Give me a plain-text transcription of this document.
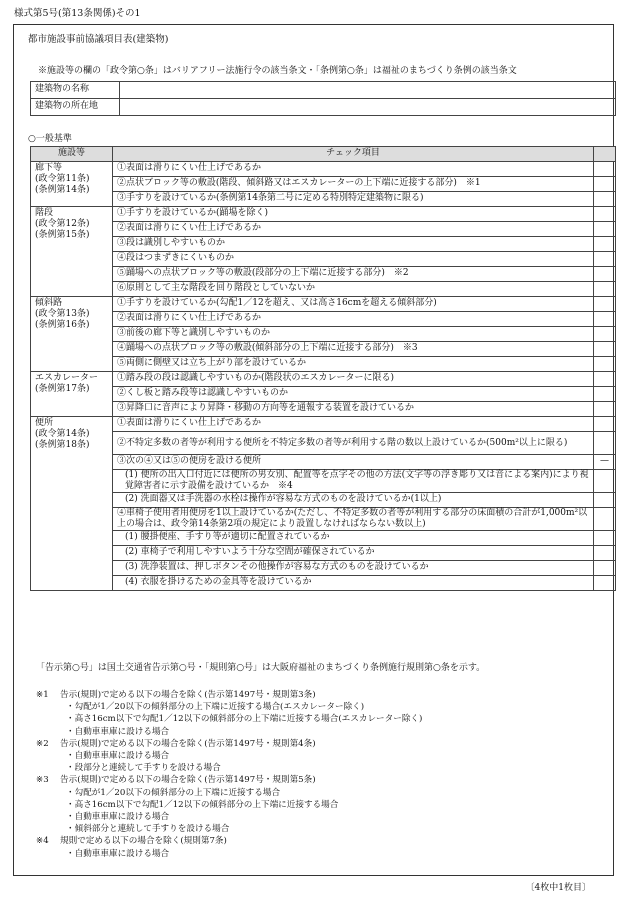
様式第5号(第13条関係)その1
都市施設事前協議項目表(建築物)
※施設等の欄の「政令第○条」はバリアフリー法施行令の該当条文・「条例第○条」は福祉のまちづくり条例の該当条文
建築物の名称	
建築物の所在地	
○一般基準
施設等	チェック項目	

廊下等
(政令第11条)
(条例第14条)	①表面は滑りにくい仕上げであるか	
	②点状ブロック等の敷設(階段、傾斜路又はエスカレーターの上下端に近接する部分)　※1	
	③手すりを設けているか(条例第14条第二号に定める特別特定建築物に限る)	

階段
(政令第12条)
(条例第15条)	①手すりを設けているか(踊場を除く)	
	②表面は滑りにくい仕上げであるか	
	③段は識別しやすいものか	
	④段はつまずきにくいものか	
	⑤踊場への点状ブロック等の敷設(段部分の上下端に近接する部分)　※2	
	⑥原則として主な階段を回り階段としていないか	

傾斜路
(政令第13条)
(条例第16条)	①手すりを設けているか(勾配1／12を超え、又は高さ16cmを超える傾斜部分)	
	②表面は滑りにくい仕上げであるか	
	③前後の廊下等と識別しやすいものか	
	④踊場への点状ブロック等の敷設(傾斜部分の上下端に近接する部分)　※3	
	⑤両側に側壁又は立ち上がり部を設けているか	

エスカレーター
(条例第17条)	①踏み段の段は認識しやすいものか(階段状のエスカレーターに限る)	
	②くし板と踏み段等は認識しやすいものか	
	③昇降口に音声により昇降・移動の方向等を通報する装置を設けているか	

便所
(政令第14条)
(条例第18条)	①表面は滑りにくい仕上げであるか	
	②不特定多数の者等が利用する便所を不特定多数の者等が利用する階の数以上設けているか(500m²以上に限る)	
	③次の④又は⑤の便房を設ける便所	—
	(1) 便所の出入口付近には便所の男女別、配置等を点字その他の方法(文字等の浮き彫り又は音による案内)により視覚障害者に示す設備を設けているか　※4	
	(2) 洗面器又は手洗器の水栓は操作が容易な方式のものを設けているか(1以上)	
	④車椅子使用者用便房を1以上設けているか(ただし、不特定多数の者等が利用する部分の床面積の合計が1,000m²以上の場合は、政令第14条第2項の規定により設置しなければならない数以上)	
	(1) 腰掛便座、手すり等が適切に配置されているか	
	(2) 車椅子で利用しやすいよう十分な空間が確保されているか	
	(3) 洗浄装置は、押しボタンその他操作が容易な方式のものを設けているか	
	(4) 衣服を掛けるための金具等を設けているか	
「告示第○号」は国土交通省告示第○号・「規則第○号」は大阪府福祉のまちづくり条例施行規則第○条を示す。
※1	告示(規則)で定める以下の場合を除く(告示第1497号・規則第3条)
・勾配が1／20以下の傾斜部分の上下端に近接する場合(エスカレーター除く)
・高さ16cm以下で勾配1／12以下の傾斜部分の上下端に近接する場合(エスカレーター除く)
・自動車車庫に設ける場合
※2	告示(規則)で定める以下の場合を除く(告示第1497号・規則第4条)
・自動車車庫に設ける場合
・段部分と連続して手すりを設ける場合
※3	告示(規則)で定める以下の場合を除く(告示第1497号・規則第5条)
・勾配が1／20以下の傾斜部分の上下端に近接する場合
・高さ16cm以下で勾配1／12以下の傾斜部分の上下端に近接する場合
・自動車車庫に設ける場合
・傾斜部分と連続して手すりを設ける場合
※4	規則で定める以下の場合を除く(規則第7条)
・自動車車庫に設ける場合
〔4枚中1枚目〕
